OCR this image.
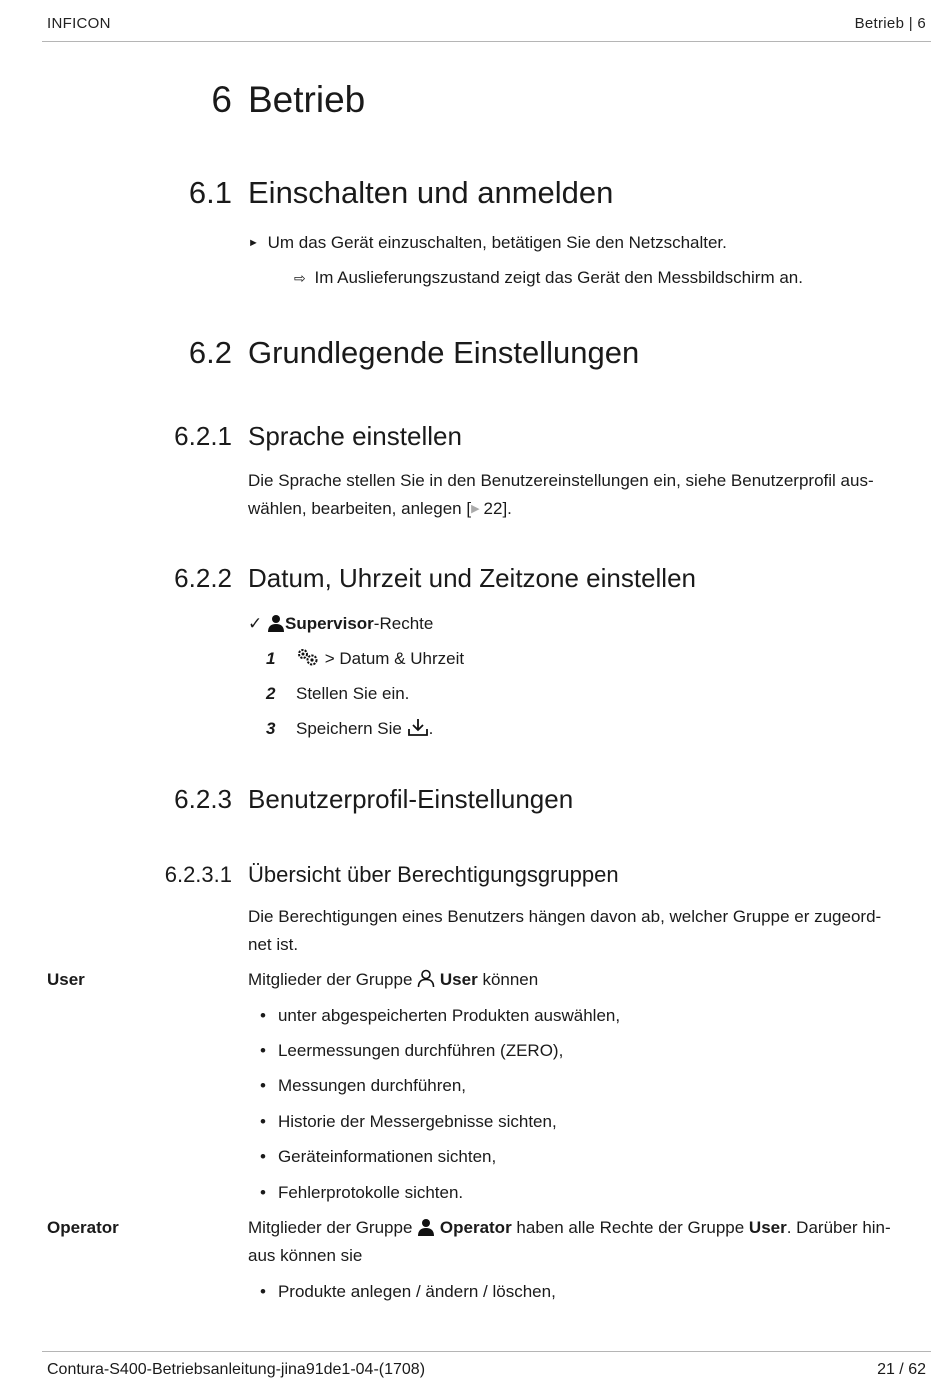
INFICON	Betrieb | 6
6 Betrieb
6.1 Einschalten und anmelden
► Um das Gerät einzuschalten, betätigen Sie den Netzschalter.
⇨ Im Auslieferungszustand zeigt das Gerät den Messbildschirm an.
6.2 Grundlegende Einstellungen
6.2.1 Sprache einstellen
Die Sprache stellen Sie in den Benutzereinstellungen ein, siehe Benutzerprofil aus-
wählen, bearbeiten, anlegen [▶ 22].
6.2.2 Datum, Uhrzeit und Zeitzone einstellen
✓ Supervisor-Rechte
1	> Datum & Uhrzeit
2 Stellen Sie ein.
3 Speichern Sie .
6.2.3 Benutzerprofil-Einstellungen
6.2.3.1 Übersicht über Berechtigungsgruppen
Die Berechtigungen eines Benutzers hängen davon ab, welcher Gruppe er zugeord-
net ist.
User	Mitglieder der Gruppe User können
• unter abgespeicherten Produkten auswählen,
• Leermessungen durchführen (ZERO),
• Messungen durchführen,
• Historie der Messergebnisse sichten,
• Geräteinformationen sichten,
• Fehlerprotokolle sichten.
Operator	Mitglieder der Gruppe Operator haben alle Rechte der Gruppe User. Darüber hin-
aus können sie
• Produkte anlegen / ändern / löschen,
Contura-S400-Betriebsanleitung-jina91de1-04-(1708)	21 / 62
